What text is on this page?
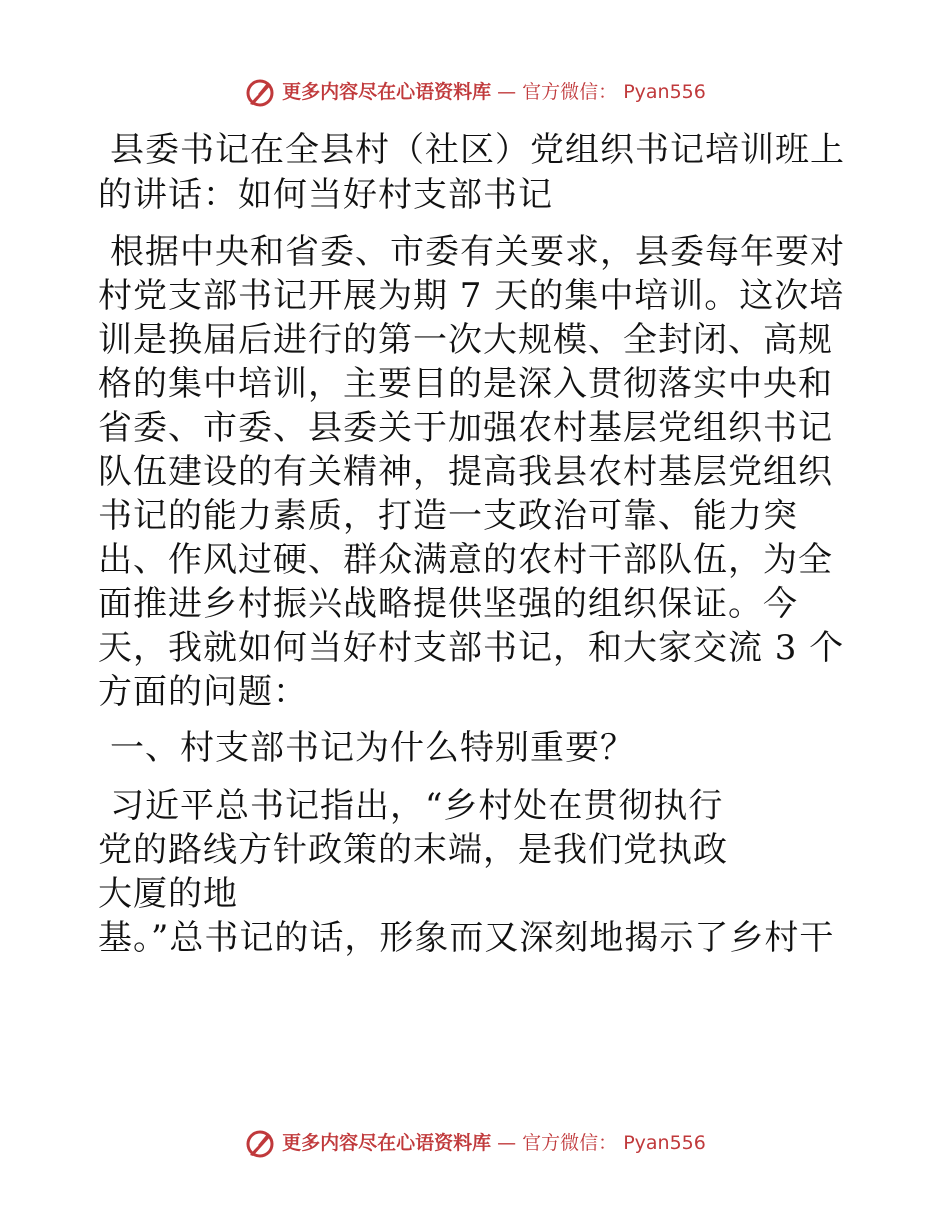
更多内容尽在心语资料库 — 官方微信： Pyan556

县委书记在全县村（社区）党组织书记培训班上的讲话：如何当好村支部书记

根据中央和省委、市委有关要求，县委每年要对村党支部书记开展为期 7 天的集中培训。这次培训是换届后进行的第一次大规模、全封闭、高规格的集中培训，主要目的是深入贯彻落实中央和省委、市委、县委关于加强农村基层党组织书记队伍建设的有关精神，提高我县农村基层党组织书记的能力素质，打造一支政治可靠、能力突出、作风过硬、群众满意的农村干部队伍，为全面推进乡村振兴战略提供坚强的组织保证。今天，我就如何当好村支部书记，和大家交流 3 个方面的问题：

一、村支部书记为什么特别重要？

习近平总书记指出，“乡村处在贯彻执行党的路线方针政策的末端，是我们党执政大厦的地
基。”总书记的话，形象而又深刻地揭示了乡村干
更多内容尽在心语资料库 — 官方微信： Pyan556
